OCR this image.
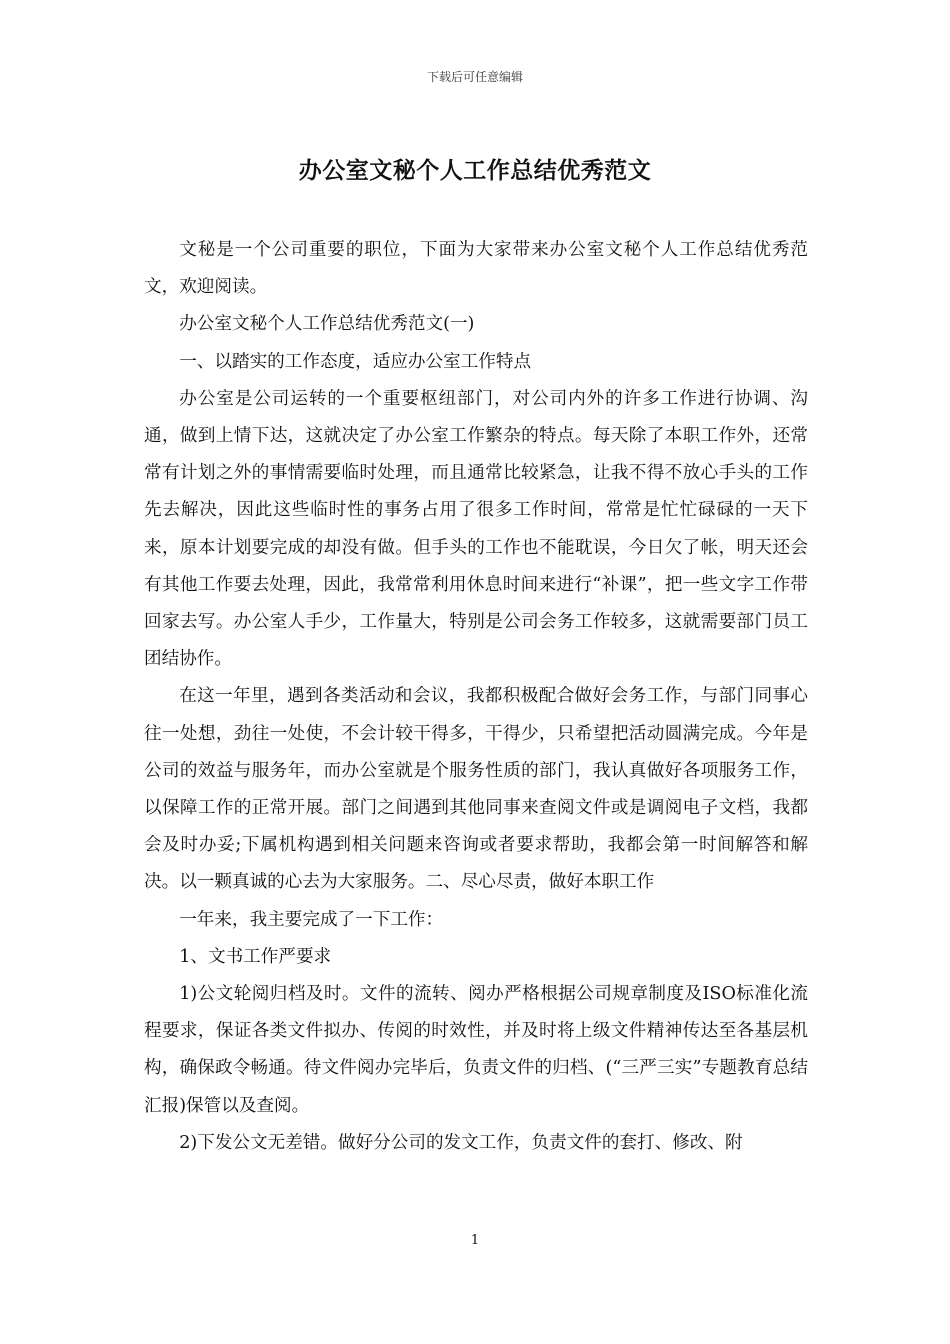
下载后可任意编辑
办公室文秘个人工作总结优秀范文

文秘是一个公司重要的职位，下面为大家带来办公室文秘个人工作总结优秀范文，欢迎阅读。

办公室文秘个人工作总结优秀范文(一)

一、以踏实的工作态度，适应办公室工作特点

办公室是公司运转的一个重要枢纽部门，对公司内外的许多工作进行协调、沟通，做到上情下达，这就决定了办公室工作繁杂的特点。每天除了本职工作外，还常常有计划之外的事情需要临时处理，而且通常比较紧急，让我不得不放心手头的工作先去解决，因此这些临时性的事务占用了很多工作时间，常常是忙忙碌碌的一天下来，原本计划要完成的却没有做。但手头的工作也不能耽误，今日欠了帐，明天还会有其他工作要去处理，因此，我常常利用休息时间来进行“补课”，把一些文字工作带回家去写。办公室人手少，工作量大，特别是公司会务工作较多，这就需要部门员工团结协作。

在这一年里，遇到各类活动和会议，我都积极配合做好会务工作，与部门同事心往一处想，劲往一处使，不会计较干得多，干得少，只希望把活动圆满完成。今年是公司的效益与服务年，而办公室就是个服务性质的部门，我认真做好各项服务工作，以保障工作的正常开展。部门之间遇到其他同事来查阅文件或是调阅电子文档，我都会及时办妥;下属机构遇到相关问题来咨询或者要求帮助，我都会第一时间解答和解决。以一颗真诚的心去为大家服务。二、尽心尽责，做好本职工作

一年来，我主要完成了一下工作：

1、文书工作严要求

1)公文轮阅归档及时。文件的流转、阅办严格根据公司规章制度及ISO标准化流程要求，保证各类文件拟办、传阅的时效性，并及时将上级文件精神传达至各基层机构，确保政令畅通。待文件阅办完毕后，负责文件的归档、(“三严三实”专题教育总结汇报)保管以及查阅。

2)下发公文无差错。做好分公司的发文工作，负责文件的套打、修改、附

1
